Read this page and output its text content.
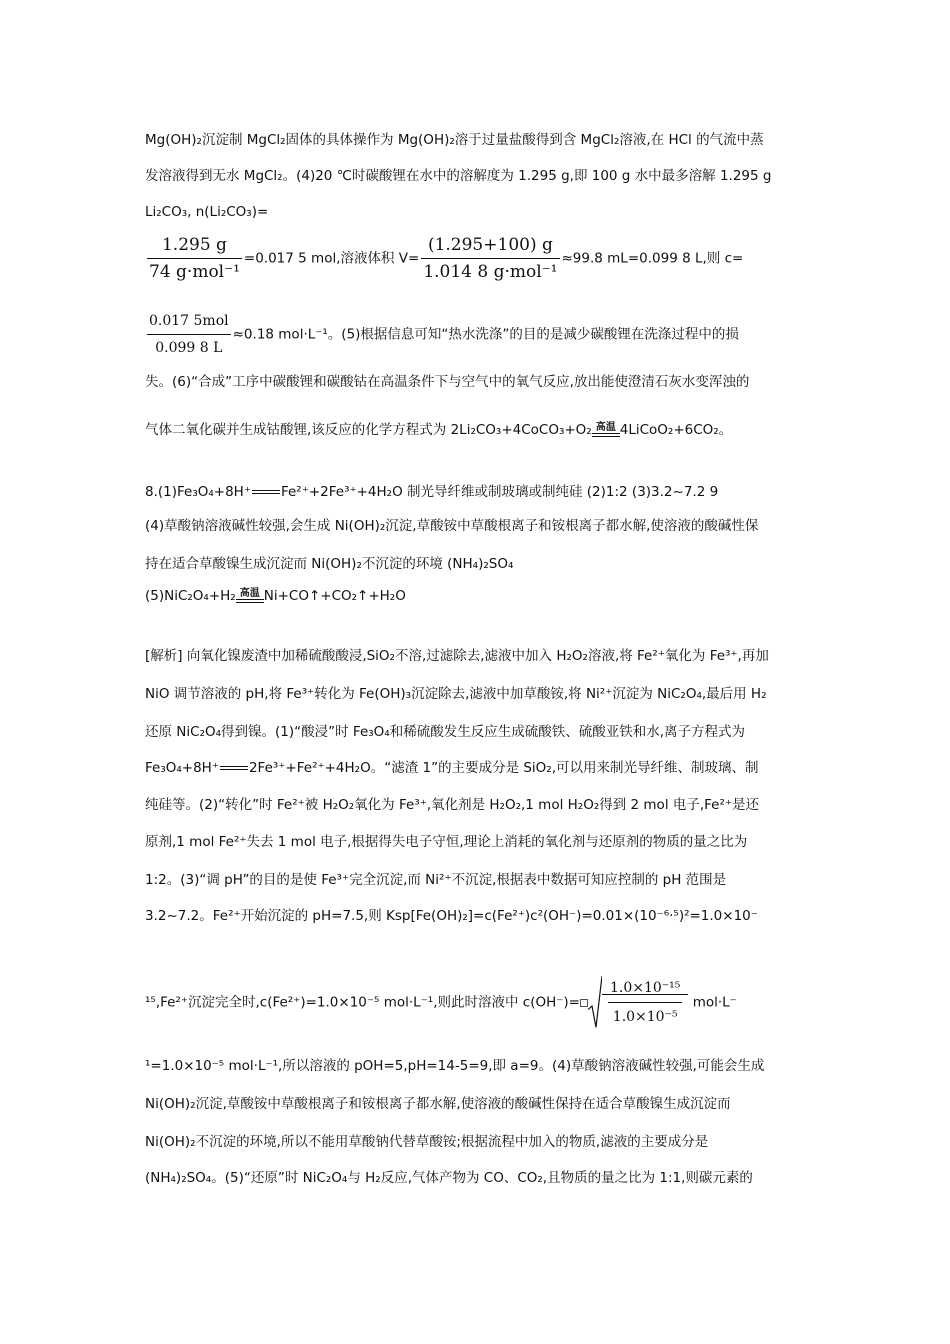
Mg(OH)₂沉淀制 MgCl₂固体的具体操作为 Mg(OH)₂溶于过量盐酸得到含 MgCl₂溶液,在 HCl 的气流中蒸
发溶液得到无水 MgCl₂。(4)20 ℃时碳酸锂在水中的溶解度为 1.295 g,即 100 g 水中最多溶解 1.295 g
Li₂CO₃, n(Li₂CO₃)=
$\frac{1.295 g}{\text{74 g·mol⁻¹}} =0.017$ 5 mol,溶液体积 $V= \frac{(1.295+100) g}{\text{1.014 8 g·mol⁻¹}} \approx 99.8$ mL=0.099 8 L,则 c=
$\frac{\text{0.017 5mol}}{0.099 8 L} \approx 0.18$ mol·L⁻¹。(5)根据信息可知“热水洗涤”的目的是减少碳酸锂在洗涤过程中的损
失。(6)“合成”工序中碳酸锂和碳酸钴在高温条件下与空气中的氧气反应,放出能使澄清石灰水变浑浊的
气体二氧化碳并生成钴酸锂,该反应的化学方程式为 2Li₂CO₃+4CoCO₃+O₂ 高温 4LiCoO₂+6CO₂。
8.(1)Fe₃O₄+8H⁺ Fe²⁺+2Fe³⁺+4H₂O 制光导纤维或制玻璃或制纯硅 (2)1:2 (3)3.2~7.2 9
(4)草酸钠溶液碱性较强,会生成 Ni(OH)₂沉淀,草酸铵中草酸根离子和铵根离子都水解,使溶液的酸碱性保
持在适合草酸镍生成沉淀而 Ni(OH)₂不沉淀的环境 (NH₄)₂SO₄
(5)NiC₂O₄+H₂ 高温 Ni+CO↑+CO₂↑+H₂O
[解析] 向氧化镍废渣中加稀硫酸酸浸,SiO₂不溶,过滤除去,滤液中加入 H₂O₂溶液,将 Fe²⁺氧化为 Fe³⁺,再加
NiO 调节溶液的 pH,将 Fe³⁺转化为 Fe(OH)₃沉淀除去,滤液中加草酸铵,将 Ni²⁺沉淀为 NiC₂O₄,最后用 H₂
还原 NiC₂O₄得到镍。(1)“酸浸”时 Fe₃O₄和稀硫酸发生反应生成硫酸铁、硫酸亚铁和水,离子方程式为
Fe₃O₄+8H⁺ 2Fe³⁺+Fe²⁺+4H₂O。“滤渣 1”的主要成分是 SiO₂,可以用来制光导纤维、制玻璃、制
纯硅等。(2)“转化”时 Fe²⁺被 H₂O₂氧化为 Fe³⁺,氧化剂是 H₂O₂,1 mol H₂O₂得到 2 mol 电子,Fe²⁺是还
原剂,1 mol Fe²⁺失去 1 mol 电子,根据得失电子守恒,理论上消耗的氧化剂与还原剂的物质的量之比为
1:2。(3)“调 pH”的目的是使 Fe³⁺完全沉淀,而 Ni²⁺不沉淀,根据表中数据可知应控制的 pH 范围是
3.2~7.2。Fe²⁺开始沉淀的 pH=7.5,则 Ksp[Fe(OH)₂]=c(Fe²⁺)c²(OH⁻)=0.01×(10⁻⁶·⁵)²=1.0×10⁻
¹⁵,Fe²⁺沉淀完全时,c(Fe²⁺)=1.0×10⁻⁵ mol·L⁻¹,则此时溶液中 $c(OH^-)= \frac{\text{1.0×10⁻¹⁵}}{\text{1.0×10⁻⁵}} mol\cdot L^-$
¹=1.0×10⁻⁵ mol·L⁻¹,所以溶液的 pOH=5,pH=14-5=9,即 a=9。(4)草酸钠溶液碱性较强,可能会生成
Ni(OH)₂沉淀,草酸铵中草酸根离子和铵根离子都水解,使溶液的酸碱性保持在适合草酸镍生成沉淀而
Ni(OH)₂不沉淀的环境,所以不能用草酸钠代替草酸铵;根据流程中加入的物质,滤液的主要成分是
(NH₄)₂SO₄。(5)“还原”时 NiC₂O₄与 H₂反应,气体产物为 CO、CO₂,且物质的量之比为 1:1,则碳元素的
